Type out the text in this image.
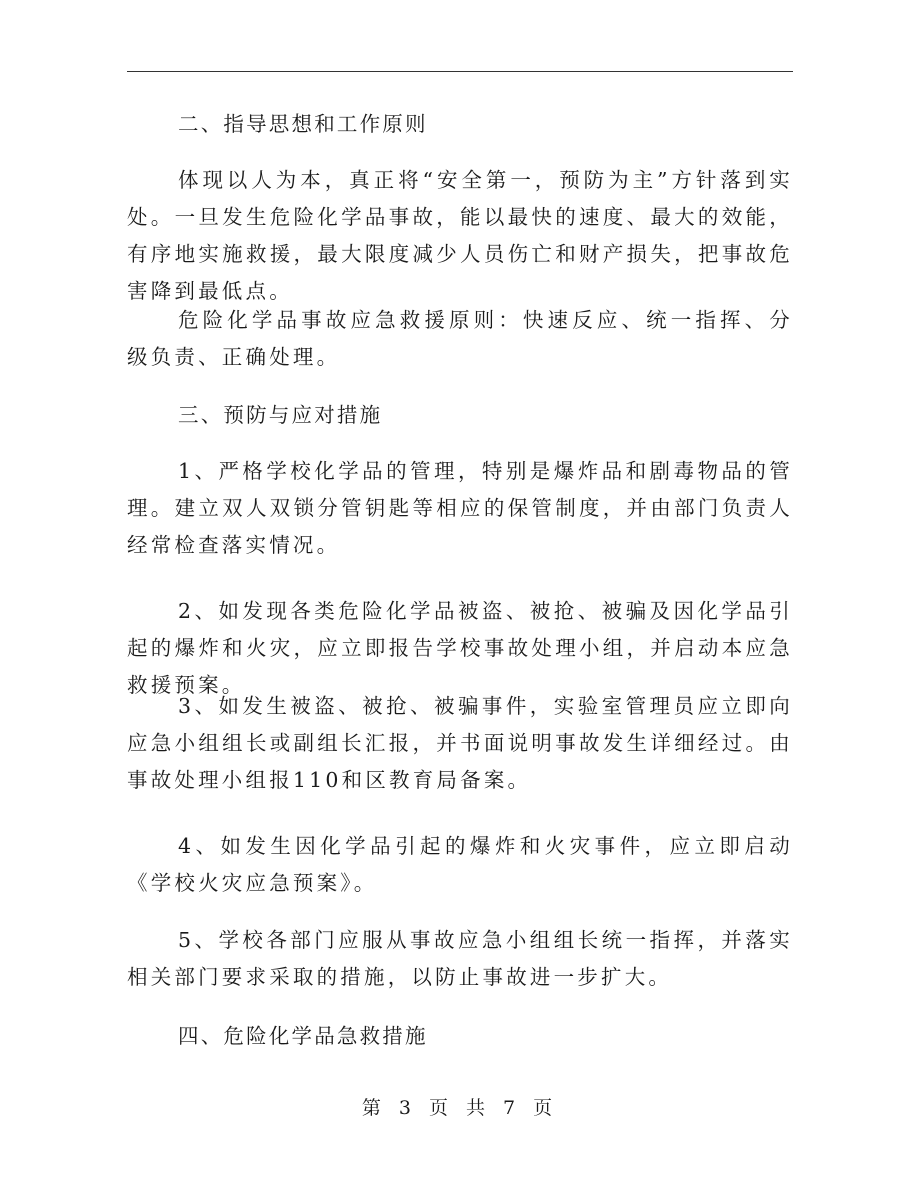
二、指导思想和工作原则

体现以人为本，真正将“安全第一，预防为主”方针落到实处。一旦发生危险化学品事故，能以最快的速度、最大的效能，有序地实施救援，最大限度减少人员伤亡和财产损失，把事故危害降到最低点。

危险化学品事故应急救援原则：快速反应、统一指挥、分级负责、正确处理。

三、预防与应对措施

1、严格学校化学品的管理，特别是爆炸品和剧毒物品的管理。建立双人双锁分管钥匙等相应的保管制度，并由部门负责人经常检查落实情况。

2、如发现各类危险化学品被盗、被抢、被骗及因化学品引起的爆炸和火灾，应立即报告学校事故处理小组，并启动本应急救援预案。

3、如发生被盗、被抢、被骗事件，实验室管理员应立即向应急小组组长或副组长汇报，并书面说明事故发生详细经过。由事故处理小组报110和区教育局备案。

4、如发生因化学品引起的爆炸和火灾事件，应立即启动《学校火灾应急预案》。

5、学校各部门应服从事故应急小组组长统一指挥，并落实相关部门要求采取的措施，以防止事故进一步扩大。

四、危险化学品急救措施

第 3 页 共 7 页
